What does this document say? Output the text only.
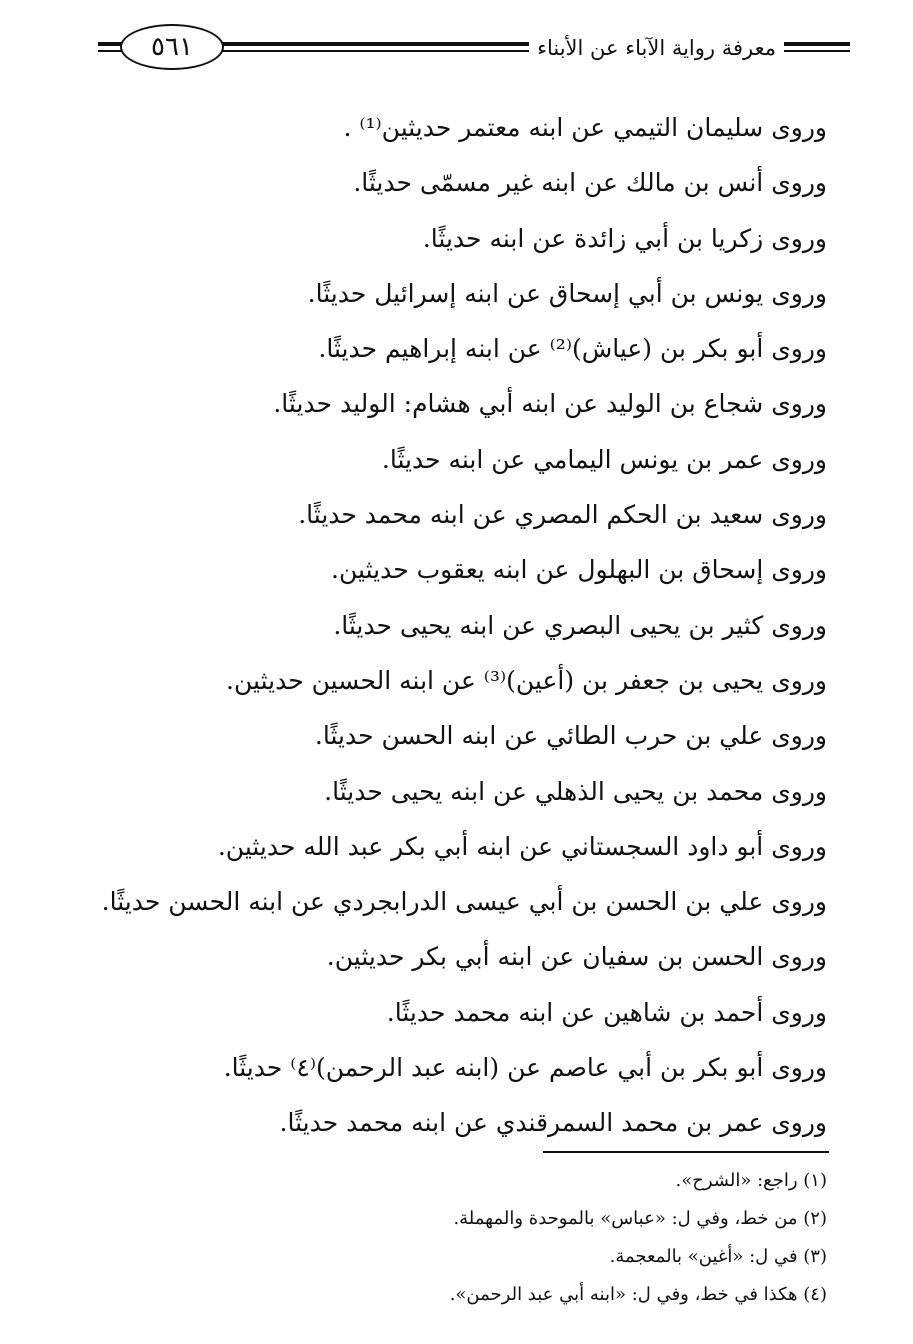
٥٦١	معرفة رواية الآباء عن الأبناء
وروى سليمان التيمي عن ابنه معتمر حديثين⁽¹⁾ .
وروى أنس بن مالك عن ابنه غير مسمّى حديثًا.
وروى زكريا بن أبي زائدة عن ابنه حديثًا.
وروى يونس بن أبي إسحاق عن ابنه إسرائيل حديثًا.
وروى أبو بكر بن (عياش)⁽²⁾ عن ابنه إبراهيم حديثًا.
وروى شجاع بن الوليد عن ابنه أبي هشام: الوليد حديثًا.
وروى عمر بن يونس اليمامي عن ابنه حديثًا.
وروى سعيد بن الحكم المصري عن ابنه محمد حديثًا.
وروى إسحاق بن البهلول عن ابنه يعقوب حديثين.
وروى كثير بن يحيى البصري عن ابنه يحيى حديثًا.
وروى يحيى بن جعفر بن (أعين)⁽³⁾ عن ابنه الحسين حديثين.
وروى علي بن حرب الطائي عن ابنه الحسن حديثًا.
وروى محمد بن يحيى الذهلي عن ابنه يحيى حديثًا.
وروى أبو داود السجستاني عن ابنه أبي بكر عبد الله حديثين.
وروى علي بن الحسن بن أبي عيسى الدرابجردي عن ابنه الحسن حديثًا.
وروى الحسن بن سفيان عن ابنه أبي بكر حديثين.
وروى أحمد بن شاهين عن ابنه محمد حديثًا.
وروى أبو بكر بن أبي عاصم عن (ابنه عبد الرحمن)⁽٤⁾ حديثًا.
وروى عمر بن محمد السمرقندي عن ابنه محمد حديثًا.
(١) راجع: «الشرح».
(٢) من خط، وفي ل: «عباس» بالموحدة والمهملة.
(٣) في ل: «أغين» بالمعجمة.
(٤) هكذا في خط، وفي ل: «ابنه أبي عبد الرحمن».
